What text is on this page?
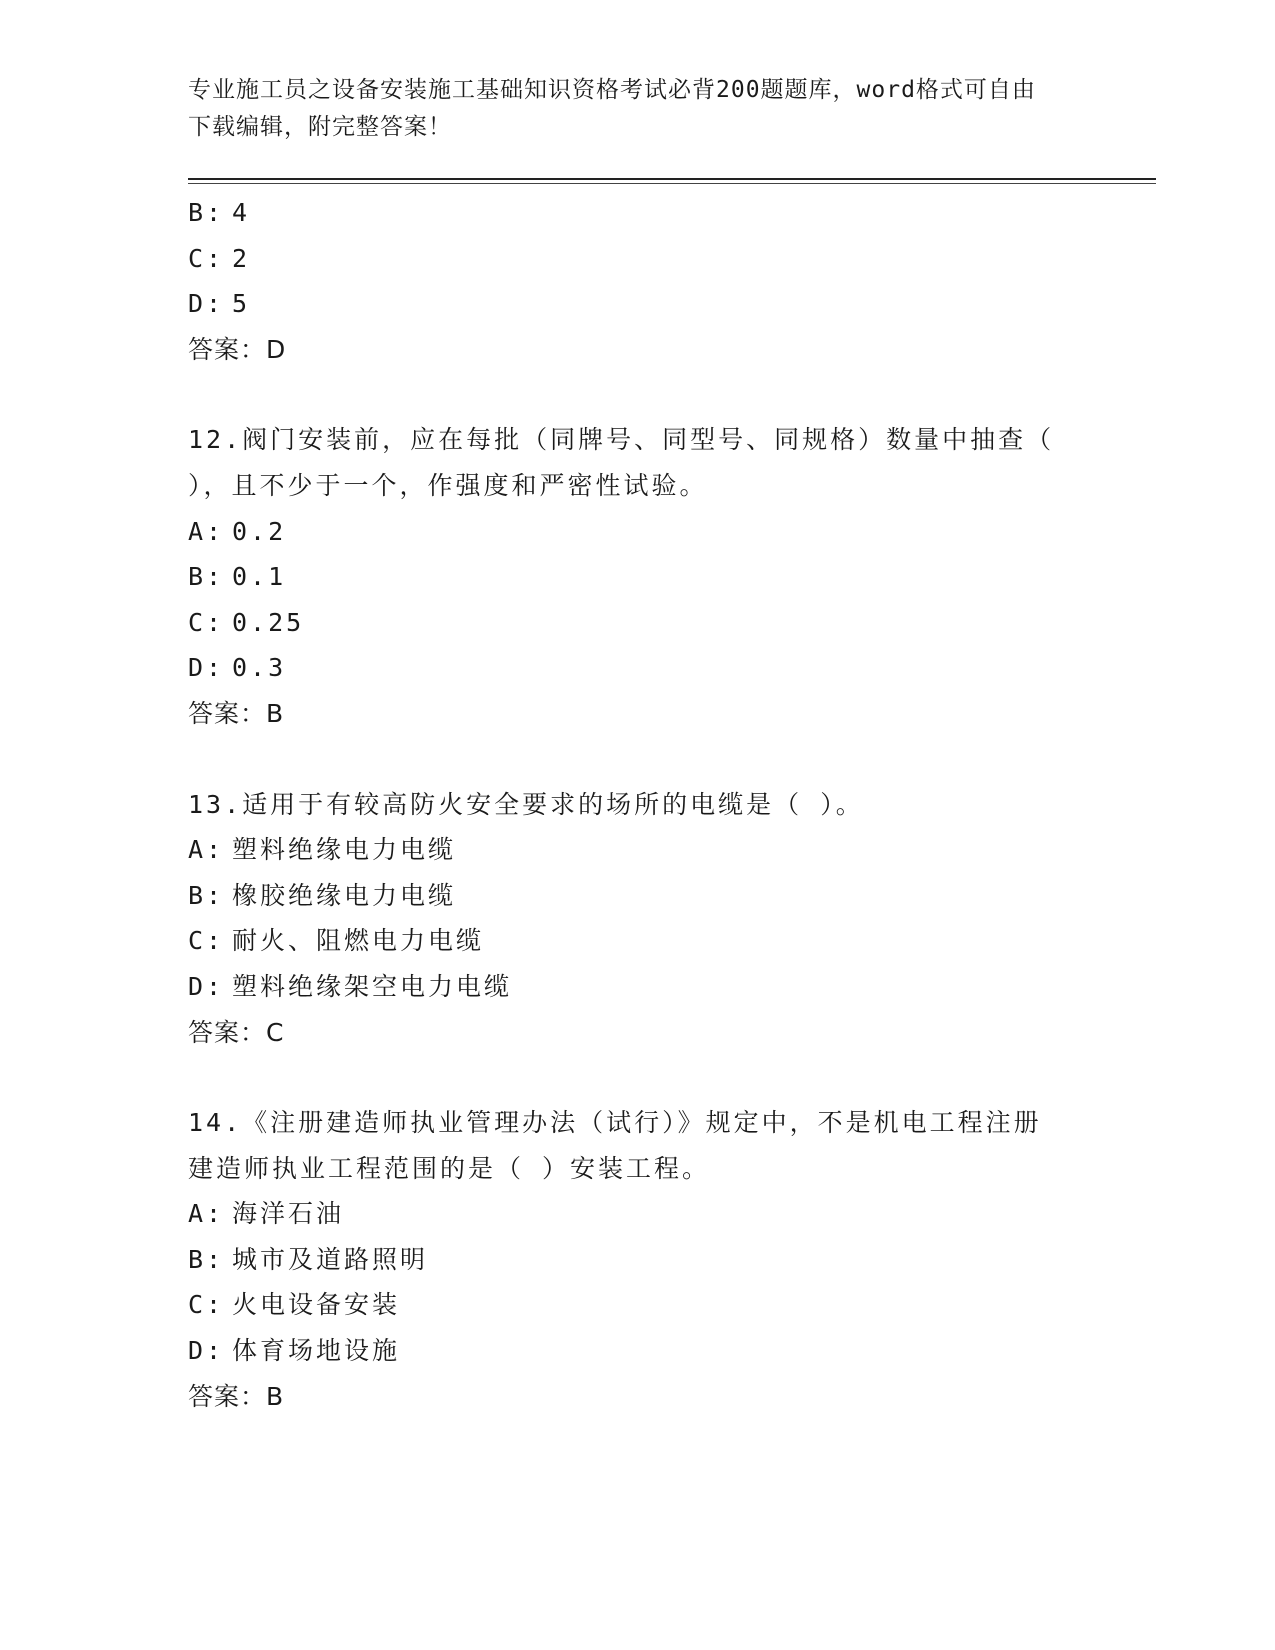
专业施工员之设备安装施工基础知识资格考试必背200题题库，word格式可自由
下载编辑，附完整答案！
B: 4
C: 2
D: 5
答案：D
12.阀门安装前，应在每批（同牌号、同型号、同规格）数量中抽查（
），且不少于一个，作强度和严密性试验。
A: 0.2
B: 0.1
C: 0.25
D: 0.3
答案：B
13.适用于有较高防火安全要求的场所的电缆是（ ）。
A: 塑料绝缘电力电缆
B: 橡胶绝缘电力电缆
C: 耐火、阻燃电力电缆
D: 塑料绝缘架空电力电缆
答案：C
14.《注册建造师执业管理办法（试行）》规定中，不是机电工程注册
建造师执业工程范围的是（ ）安装工程。
A: 海洋石油
B: 城市及道路照明
C: 火电设备安装
D: 体育场地设施
答案：B
